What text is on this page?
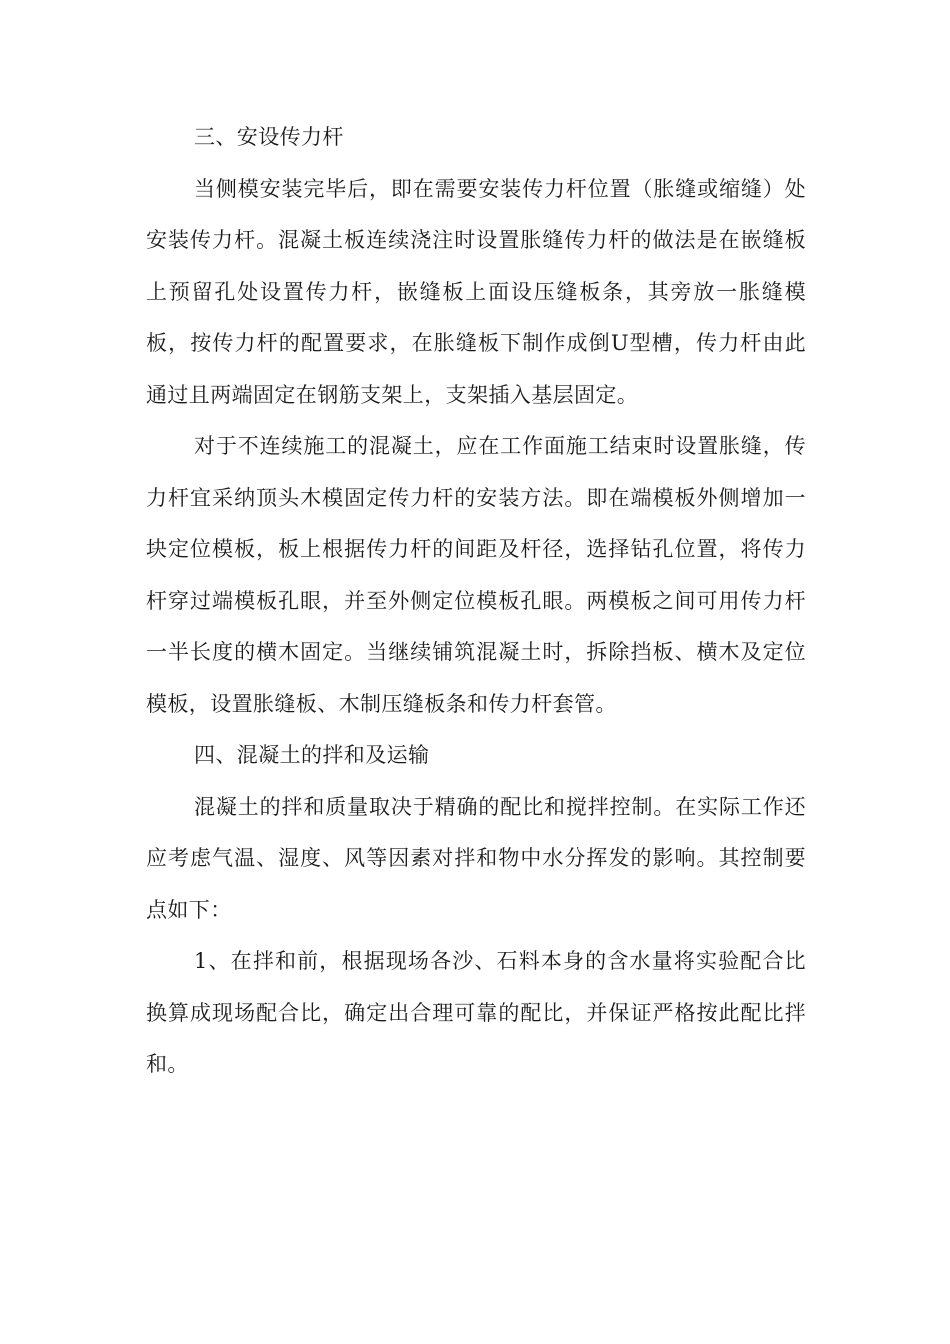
三、安设传力杆

当侧模安装完毕后，即在需要安装传力杆位置（胀缝或缩缝）处安装传力杆。混凝土板连续浇注时设置胀缝传力杆的做法是在嵌缝板上预留孔处设置传力杆，嵌缝板上面设压缝板条，其旁放一胀缝模板，按传力杆的配置要求，在胀缝板下制作成倒U型槽，传力杆由此通过且两端固定在钢筋支架上，支架插入基层固定。

对于不连续施工的混凝土，应在工作面施工结束时设置胀缝，传力杆宜采纳顶头木模固定传力杆的安装方法。即在端模板外侧增加一块定位模板，板上根据传力杆的间距及杆径，选择钻孔位置，将传力杆穿过端模板孔眼，并至外侧定位模板孔眼。两模板之间可用传力杆一半长度的横木固定。当继续铺筑混凝土时，拆除挡板、横木及定位模板，设置胀缝板、木制压缝板条和传力杆套管。

四、混凝土的拌和及运输

混凝土的拌和质量取决于精确的配比和搅拌控制。在实际工作还应考虑气温、湿度、风等因素对拌和物中水分挥发的影响。其控制要点如下：

1、在拌和前，根据现场各沙、石料本身的含水量将实验配合比换算成现场配合比，确定出合理可靠的配比，并保证严格按此配比拌和。
